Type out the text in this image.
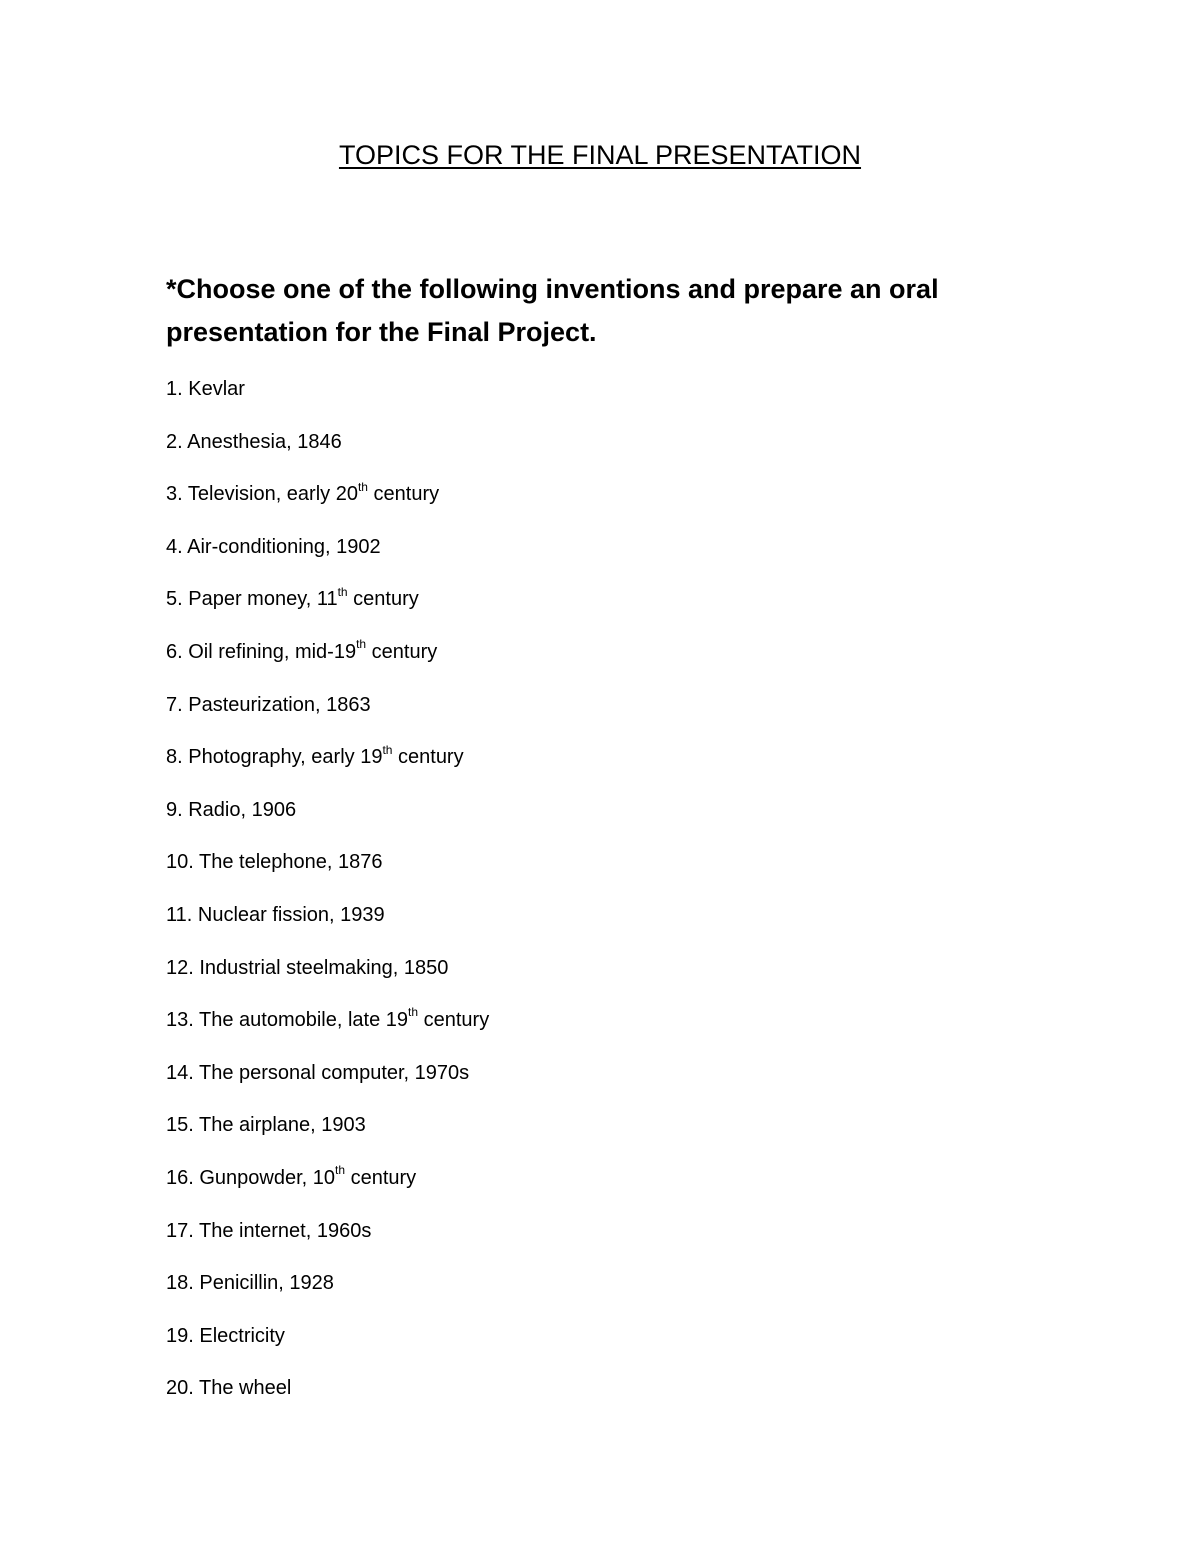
TOPICS FOR THE FINAL PRESENTATION

*Choose one of the following inventions and prepare an oral presentation for the Final Project.

1. Kevlar
2. Anesthesia, 1846
3. Television, early 20th century
4. Air-conditioning, 1902
5. Paper money, 11th century
6. Oil refining, mid-19th century
7. Pasteurization, 1863
8. Photography, early 19th century
9. Radio, 1906
10. The telephone, 1876
11. Nuclear fission, 1939
12. Industrial steelmaking, 1850
13. The automobile, late 19th century
14. The personal computer, 1970s
15. The airplane, 1903
16. Gunpowder, 10th century
17. The internet, 1960s
18. Penicillin, 1928
19. Electricity
20. The wheel
